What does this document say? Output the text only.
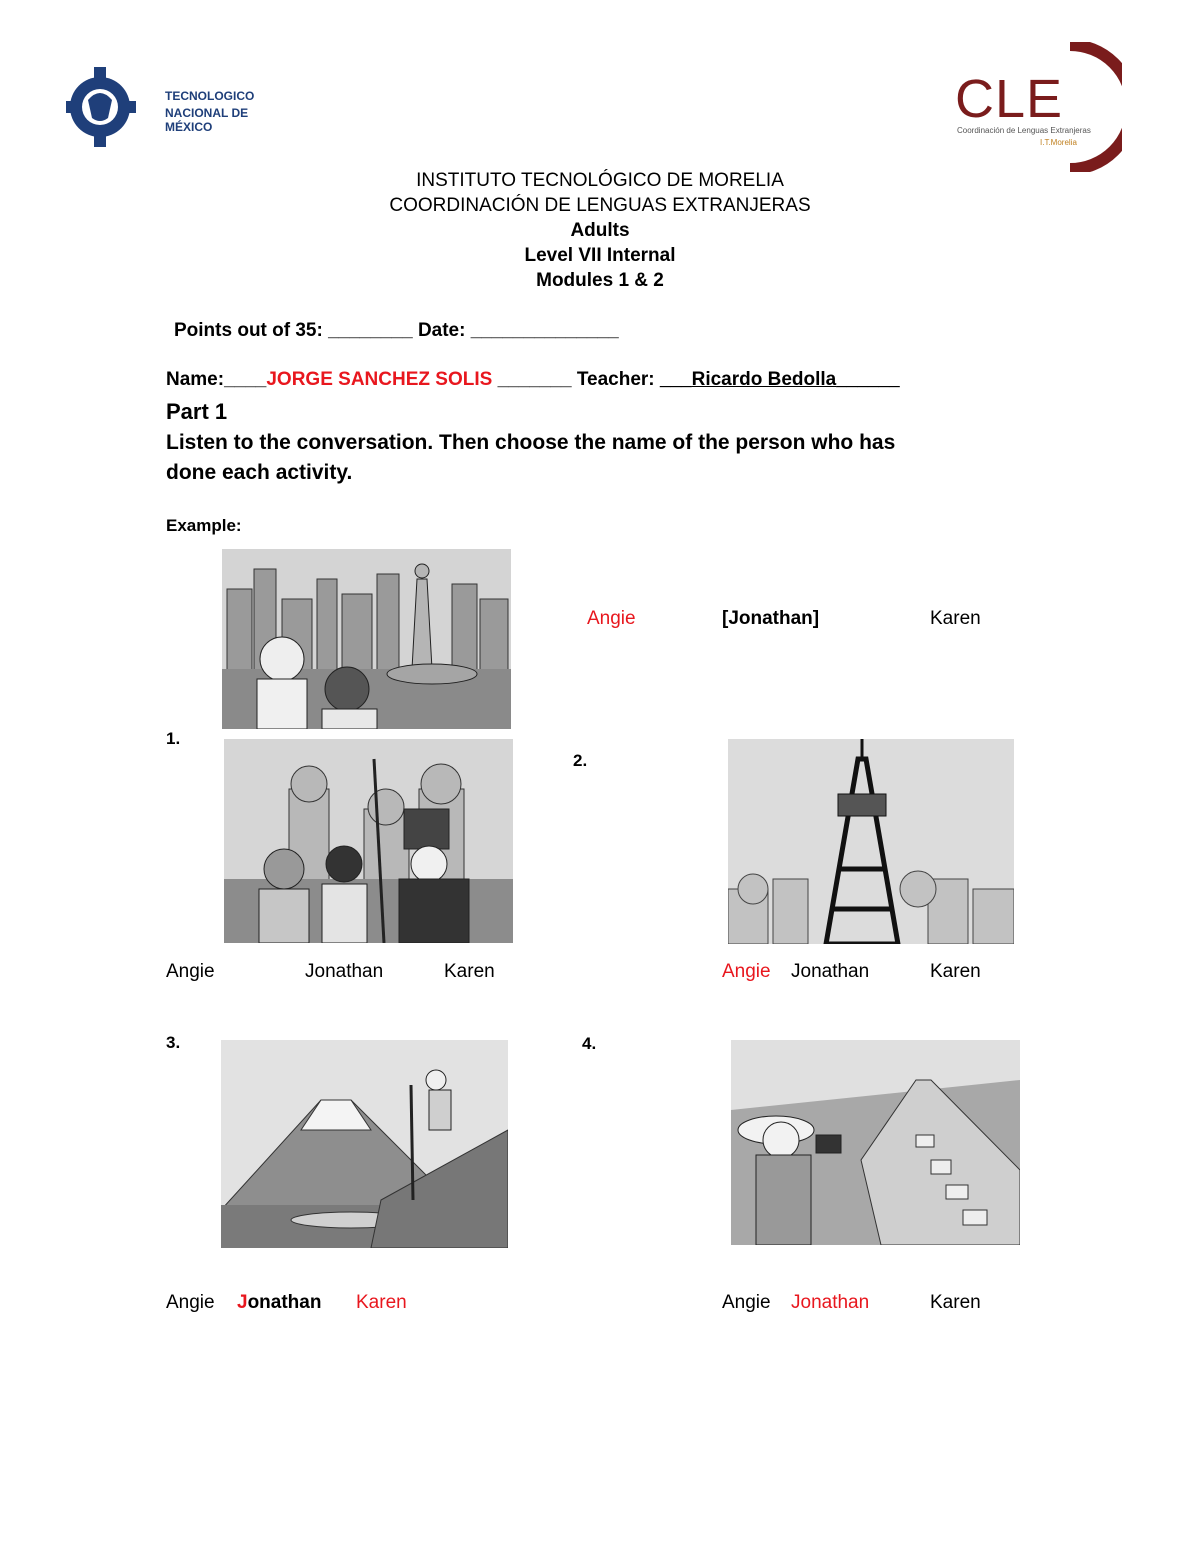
TECNOLOGICO
NACIONAL DE MÉXICO	CLE
Coordinación de Lenguas Extranjeras
I.T.Morelia
INSTITUTO TECNOLÓGICO DE MORELIA
COORDINACIÓN DE LENGUAS EXTRANJERAS
Adults
Level VII Internal
Modules 1 & 2
Points out of 35: ________ Date: ______________
Name:____JORGE SANCHEZ SOLIS _______ Teacher: ___Ricardo Bedolla______
Part 1
Listen to the conversation. Then choose the name of the person who has
done each activity.
Example:
Angie	[Jonathan]	Karen
1.
Angie	Jonathan	Karen
2.
Angie Jonathan	Karen
3.
Angie Jonathan Karen
4.
Angie Jonathan	Karen
